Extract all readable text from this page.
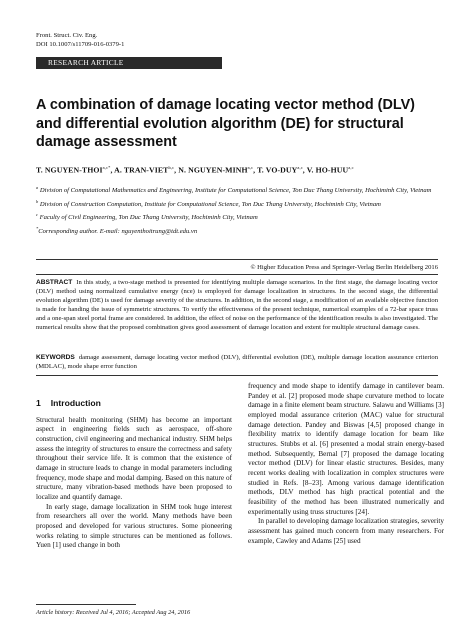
Front. Struct. Civ. Eng.
DOI 10.1007/s11709-016-0379-1
RESEARCH ARTICLE
A combination of damage locating vector method (DLV) and differential evolution algorithm (DE) for structural damage assessment
T. NGUYEN-$THOI^{a,c*}$, A. TRAN-VIET$^{b,c}$, N. NGUYEN-MINH$^{a,c}$, T. VO-DUY$^{a,c}$, V. HO-HUU$^{a,c}$
$^a$ Division of Computational Mathematics and Engineering, Institute for Computational Science, Ton Duc Thang University, Hochiminh City, Vietnam
$^b$ Division of Construction Computation, Institute for Computational Science, Ton Duc Thang University, Hochiminh City, Vietnam
$^c$ Faculty of Civil Engineering, Ton Duc Thang University, Hochiminh City, Vietnam
*Corresponding author. E-mail: nguyenthoitrung@tdt.edu.vn
© Higher Education Press and Springer-Verlag Berlin Heidelberg 2016
ABSTRACT In this study, a two-stage method is presented for identifying multiple damage scenarios. In the first stage, the damage locating vector (DLV) method using normalized cumulative energy (nce) is employed for damage localization in structures. In the second stage, the differential evolution algorithm (DE) is used for damage severity of the structures. In addition, in the second stage, a modification of an available objective function is made for handing the issue of symmetric structures. To verify the effectiveness of the present technique, numerical examples of a 72-bar space truss and a one-span steel portal frame are considered. In addition, the effect of noise on the performance of the identification results is also investigated. The numerical results show that the proposed combination gives good assessment of damage location and extent for multiple structural damage cases.
KEYWORDS damage assessment, damage locating vector method (DLV), differential evolution (DE), multiple damage location assurance criterion (MDLAC), mode shape error function
1 Introduction

Structural health monitoring (SHM) has become an important aspect in engineering fields such as aerospace, off-shore construction, civil engineering and mechanical industry. SHM helps assess the integrity of structures to ensure the correctness and safety throughout their service life. It is common that the existence of damage in structure leads to change in modal parameters including frequency, mode shape and modal damping. Based on this nature of structure, many vibration-based methods have been proposed to localize and quantify damage.

In early stage, damage localization in SHM took huge interest from researchers all over the world. Many methods have been proposed and developed for various structures. Some pioneering works relating to simple structures can be mentioned as follows. Yuen [1] used change in both

frequency and mode shape to identify damage in cantilever beam. Pandey et al. [2] proposed mode shape curvature method to locate damage in a finite element beam structure. Salawu and Williams [3] employed modal assurance criterion (MAC) value for structural damage detection. Pandey and Biswas [4,5] proposed change in flexibility matrix to identify damage location for beam like structures. Stubbs et al. [6] presented a modal strain energy-based method. Subsequently, Bernal [7] proposed the damage locating vector method (DLV) for linear elastic structures. Besides, many recent works dealing with localization in complex structures were studied in Refs. [8–23]. Among various damage identification methods, DLV method has high practical potential and the feasibility of the method has been illustrated numerically and experimentally using truss structures [24].

In parallel to developing damage localization strategies, severity assessment has gained much concern from many researchers. For example, Cawley and Adams [25] used

Article history: Received Jul 4, 2016; Accepted Aug 24, 2016
